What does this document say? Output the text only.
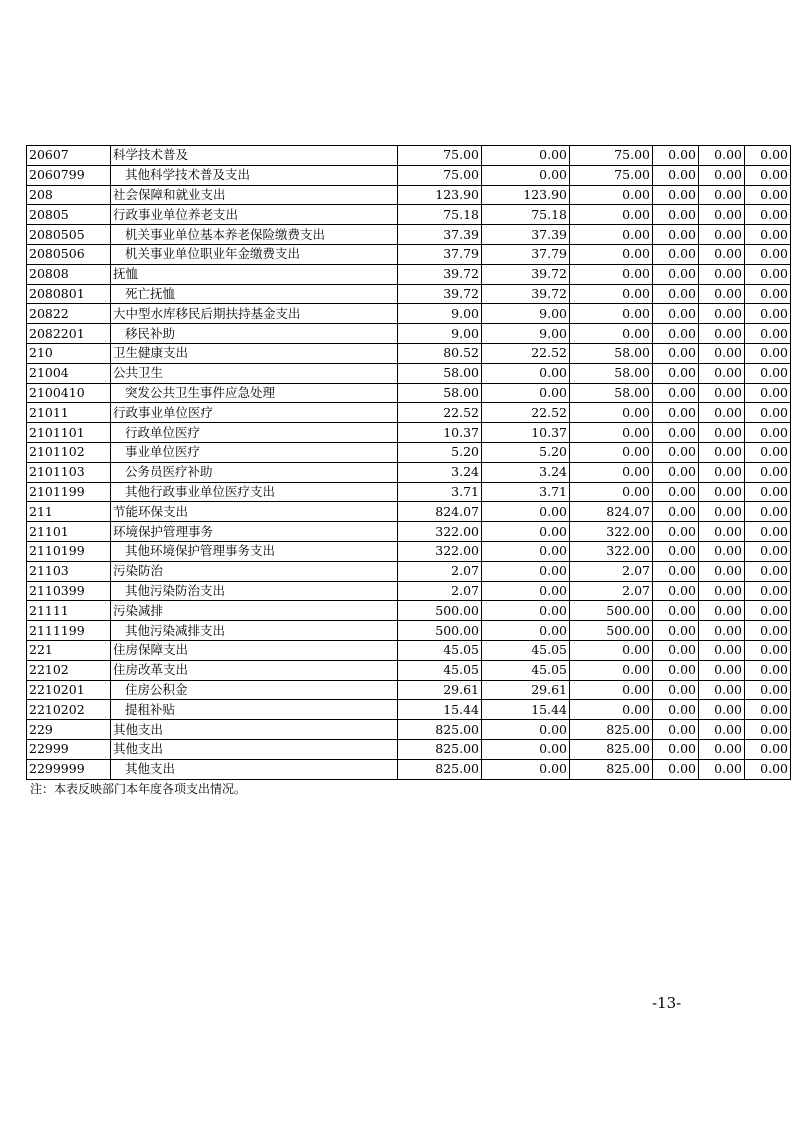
20607	科学技术普及	75.00	0.00	75.00	0.00	0.00	0.00
2060799	其他科学技术普及支出	75.00	0.00	75.00	0.00	0.00	0.00
208	社会保障和就业支出	123.90	123.90	0.00	0.00	0.00	0.00
20805	行政事业单位养老支出	75.18	75.18	0.00	0.00	0.00	0.00
2080505	机关事业单位基本养老保险缴费支出	37.39	37.39	0.00	0.00	0.00	0.00
2080506	机关事业单位职业年金缴费支出	37.79	37.79	0.00	0.00	0.00	0.00
20808	抚恤	39.72	39.72	0.00	0.00	0.00	0.00
2080801	死亡抚恤	39.72	39.72	0.00	0.00	0.00	0.00
20822	大中型水库移民后期扶持基金支出	9.00	9.00	0.00	0.00	0.00	0.00
2082201	移民补助	9.00	9.00	0.00	0.00	0.00	0.00
210	卫生健康支出	80.52	22.52	58.00	0.00	0.00	0.00
21004	公共卫生	58.00	0.00	58.00	0.00	0.00	0.00
2100410	突发公共卫生事件应急处理	58.00	0.00	58.00	0.00	0.00	0.00
21011	行政事业单位医疗	22.52	22.52	0.00	0.00	0.00	0.00
2101101	行政单位医疗	10.37	10.37	0.00	0.00	0.00	0.00
2101102	事业单位医疗	5.20	5.20	0.00	0.00	0.00	0.00
2101103	公务员医疗补助	3.24	3.24	0.00	0.00	0.00	0.00
2101199	其他行政事业单位医疗支出	3.71	3.71	0.00	0.00	0.00	0.00
211	节能环保支出	824.07	0.00	824.07	0.00	0.00	0.00
21101	环境保护管理事务	322.00	0.00	322.00	0.00	0.00	0.00
2110199	其他环境保护管理事务支出	322.00	0.00	322.00	0.00	0.00	0.00
21103	污染防治	2.07	0.00	2.07	0.00	0.00	0.00
2110399	其他污染防治支出	2.07	0.00	2.07	0.00	0.00	0.00
21111	污染减排	500.00	0.00	500.00	0.00	0.00	0.00
2111199	其他污染减排支出	500.00	0.00	500.00	0.00	0.00	0.00
221	住房保障支出	45.05	45.05	0.00	0.00	0.00	0.00
22102	住房改革支出	45.05	45.05	0.00	0.00	0.00	0.00
2210201	住房公积金	29.61	29.61	0.00	0.00	0.00	0.00
2210202	提租补贴	15.44	15.44	0.00	0.00	0.00	0.00
229	其他支出	825.00	0.00	825.00	0.00	0.00	0.00
22999	其他支出	825.00	0.00	825.00	0.00	0.00	0.00
2299999	其他支出	825.00	0.00	825.00	0.00	0.00	0.00
注：本表反映部门本年度各项支出情况。
-13-
